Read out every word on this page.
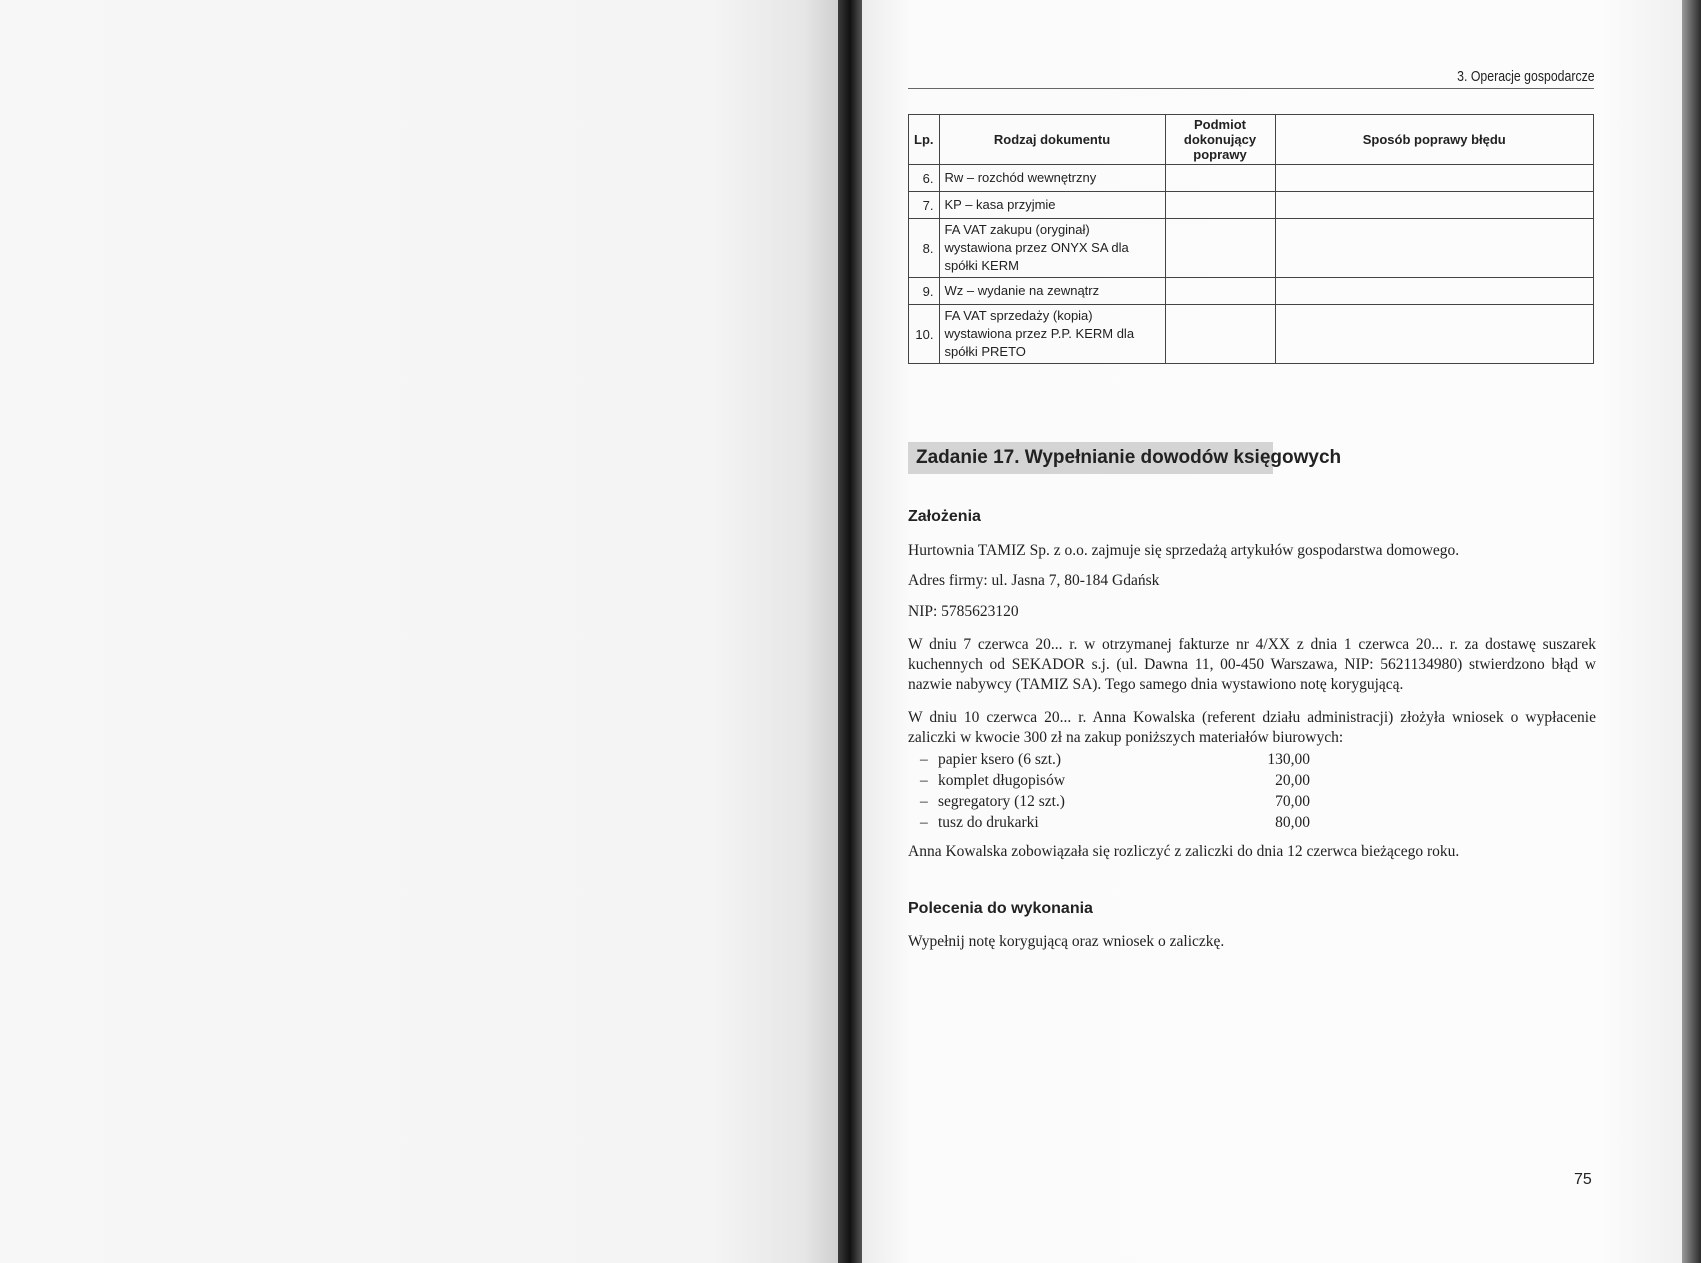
3. Operacje gospodarcze
Lp.	Rodzaj dokumentu	Podmiot dokonujący poprawy	Sposób poprawy błędu
6.	Rw – rozchód wewnętrzny		
7.	KP – kasa przyjmie		
8.	FA VAT zakupu (oryginał) wystawiona przez ONYX SA dla spółki KERM		
9.	Wz – wydanie na zewnątrz		
10.	FA VAT sprzedaży (kopia) wystawiona przez P.P. KERM dla spółki PRETO		
Zadanie 17. Wypełnianie dowodów księgowych
Założenia
Hurtownia TAMIZ Sp. z o.o. zajmuje się sprzedażą artykułów gospodarstwa domowego.
Adres firmy: ul. Jasna 7, 80-184 Gdańsk
NIP: 5785623120
W dniu 7 czerwca 20... r. w otrzymanej fakturze nr 4/XX z dnia 1 czerwca 20... r. za dostawę suszarek kuchennych od SEKADOR s.j. (ul. Dawna 11, 00-450 Warszawa, NIP: 5621134980) stwierdzono błąd w nazwie nabywcy (TAMIZ SA). Tego samego dnia wystawiono notę korygującą.
W dniu 10 czerwca 20... r. Anna Kowalska (referent działu administracji) złożyła wniosek o wypłacenie zaliczki w kwocie 300 zł na zakup poniższych materiałów biurowych:
– papier ksero (6 szt.)	130,00
– komplet długopisów	20,00
– segregatory (12 szt.)	70,00
– tusz do drukarki	80,00
Anna Kowalska zobowiązała się rozliczyć z zaliczki do dnia 12 czerwca bieżącego roku.
Polecenia do wykonania
Wypełnij notę korygującą oraz wniosek o zaliczkę.
75
